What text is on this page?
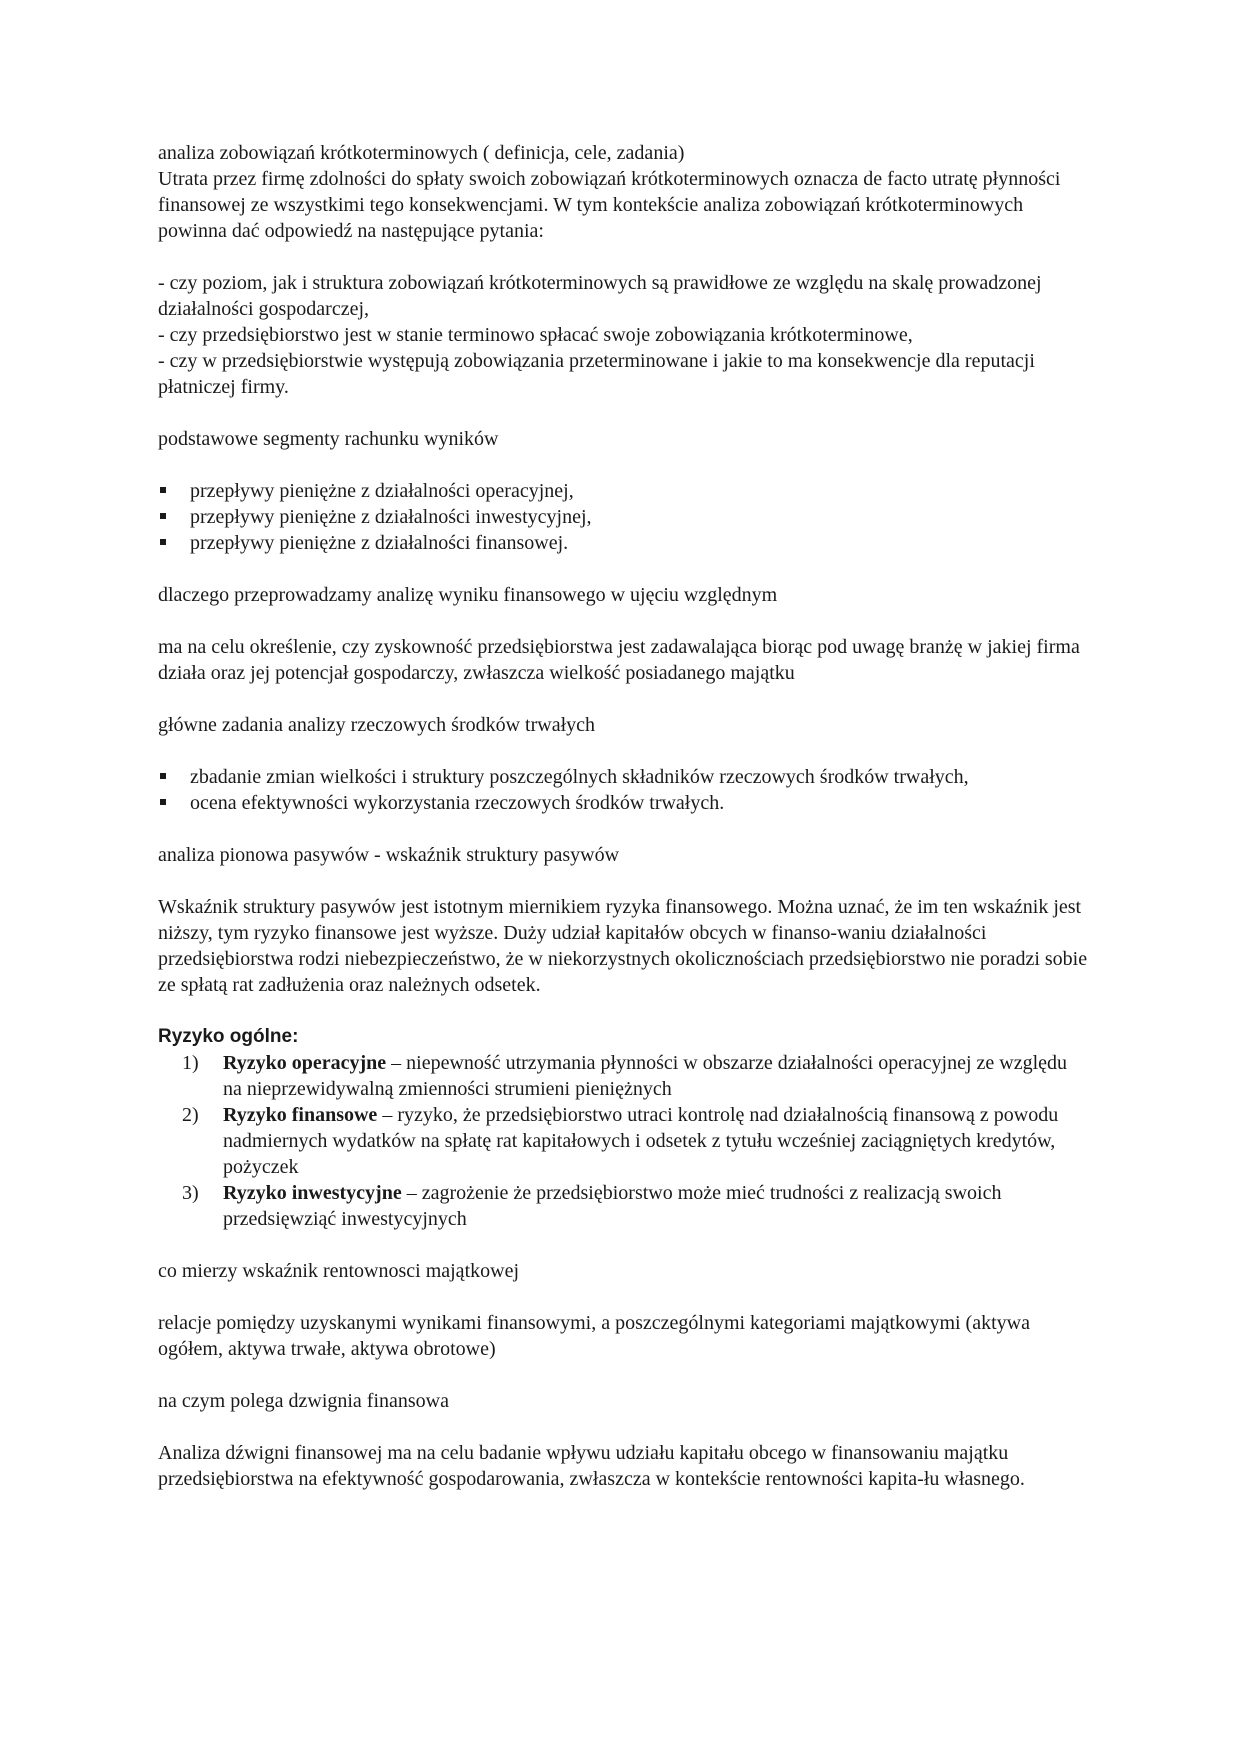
analiza zobowiązań krótkoterminowych ( definicja, cele, zadania)

Utrata przez firmę zdolności do spłaty swoich zobowiązań krótkoterminowych oznacza de facto utratę płynności finansowej ze wszystkimi tego konsekwencjami. W tym kontekście analiza zobowiązań krótkoterminowych powinna dać odpowiedź na następujące pytania:

- czy poziom, jak i struktura zobowiązań krótkoterminowych są prawidłowe ze względu na skalę prowadzonej działalności gospodarczej,

- czy przedsiębiorstwo jest w stanie terminowo spłacać swoje zobowiązania krótkoterminowe,

- czy w przedsiębiorstwie występują zobowiązania przeterminowane i jakie to ma konsekwencje dla reputacji płatniczej firmy.

podstawowe segmenty rachunku wyników

przepływy pieniężne z działalności operacyjnej,
przepływy pieniężne z działalności inwestycyjnej,
przepływy pieniężne z działalności finansowej.

dlaczego przeprowadzamy analizę wyniku finansowego w ujęciu względnym

ma na celu określenie, czy zyskowność przedsiębiorstwa jest zadawalająca biorąc pod uwagę branżę w jakiej firma działa oraz jej potencjał gospodarczy, zwłaszcza wielkość posiadanego majątku

główne zadania analizy rzeczowych środków trwałych

zbadanie zmian wielkości i struktury poszczególnych składników rzeczowych środków trwałych,
ocena efektywności wykorzystania rzeczowych środków trwałych.

analiza pionowa pasywów - wskaźnik struktury pasywów

Wskaźnik struktury pasywów jest istotnym miernikiem ryzyka finansowego. Można uznać, że im ten wskaźnik jest niższy, tym ryzyko finansowe jest wyższe. Duży udział kapitałów obcych w finanso-waniu działalności przedsiębiorstwa rodzi niebezpieczeństwo, że w niekorzystnych okolicznościach przedsiębiorstwo nie poradzi sobie ze spłatą rat zadłużenia oraz należnych odsetek.

Ryzyko ogólne:

1) Ryzyko operacyjne – niepewność utrzymania płynności w obszarze działalności operacyjnej ze względu na nieprzewidywalną zmienności strumieni pieniężnych
2) Ryzyko finansowe – ryzyko, że przedsiębiorstwo utraci kontrolę nad działalnością finansową z powodu nadmiernych wydatków na spłatę rat kapitałowych i odsetek z tytułu wcześniej zaciągniętych kredytów, pożyczek
3) Ryzyko inwestycyjne – zagrożenie że przedsiębiorstwo może mieć trudności z realizacją swoich przedsięwziąć inwestycyjnych

co mierzy wskaźnik rentownosci majątkowej

relacje pomiędzy uzyskanymi wynikami finansowymi, a poszczególnymi kategoriami majątkowymi (aktywa ogółem, aktywa trwałe, aktywa obrotowe)

na czym polega dzwignia finansowa

Analiza dźwigni finansowej ma na celu badanie wpływu udziału kapitału obcego w finansowaniu majątku przedsiębiorstwa na efektywność gospodarowania, zwłaszcza w kontekście rentowności kapita-łu własnego.
